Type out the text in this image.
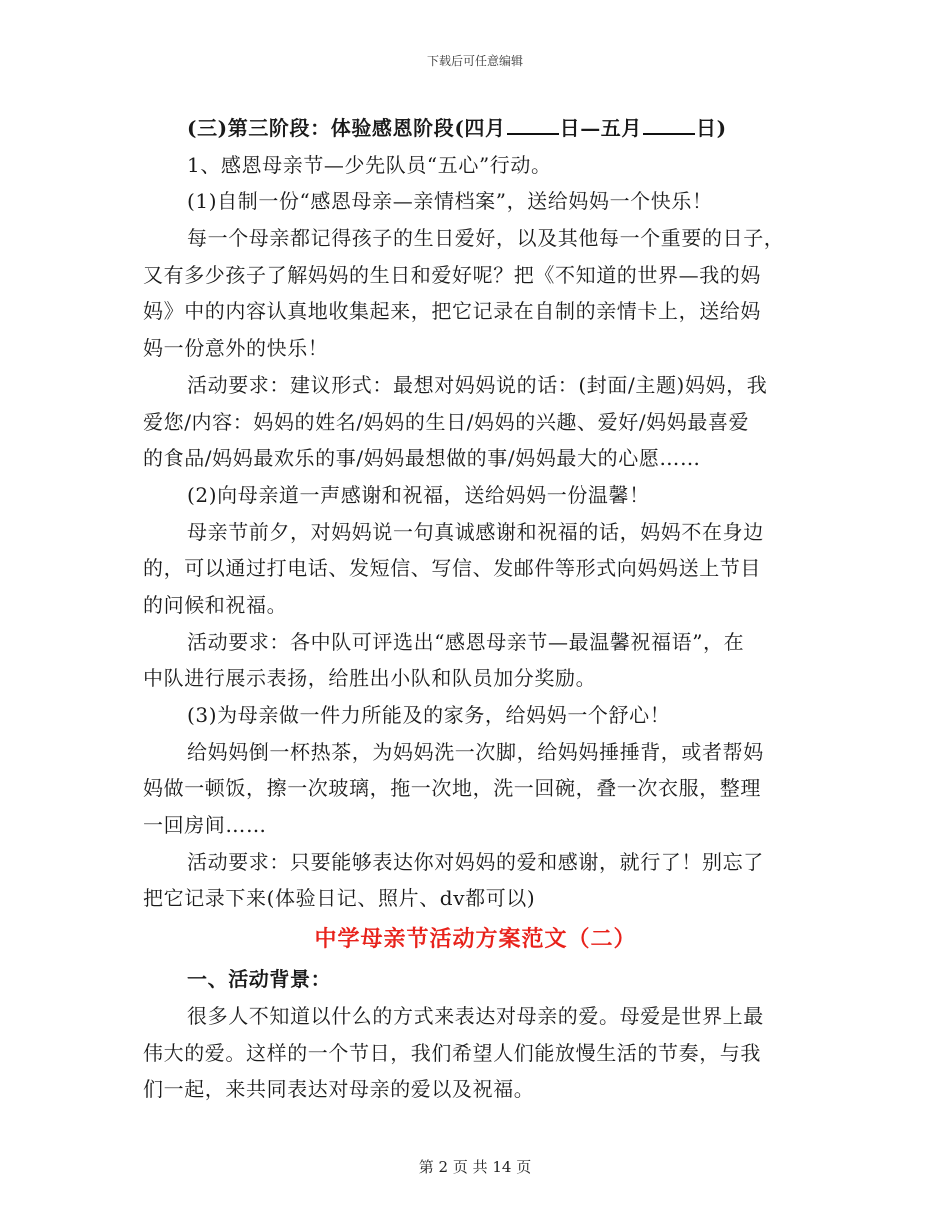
下载后可任意编辑
(三)第三阶段：体验感恩阶段(四月	日—五月	日)
1、感恩母亲节—少先队员“五心”行动。
(1)自制一份“感恩母亲—亲情档案”，送给妈妈一个快乐！
每一个母亲都记得孩子的生日爱好，以及其他每一个重要的日子，
又有多少孩子了解妈妈的生日和爱好呢？把《不知道的世界—我的妈
妈》中的内容认真地收集起来，把它记录在自制的亲情卡上，送给妈
妈一份意外的快乐！
活动要求：建议形式：最想对妈妈说的话：(封面/主题)妈妈，我
爱您/内容：妈妈的姓名/妈妈的生日/妈妈的兴趣、爱好/妈妈最喜爱
的食品/妈妈最欢乐的事/妈妈最想做的事/妈妈最大的心愿……
(2)向母亲道一声感谢和祝福，送给妈妈一份温馨！
母亲节前夕，对妈妈说一句真诚感谢和祝福的话，妈妈不在身边
的，可以通过打电话、发短信、写信、发邮件等形式向妈妈送上节目
的问候和祝福。
活动要求：各中队可评选出“感恩母亲节—最温馨祝福语”，在
中队进行展示表扬，给胜出小队和队员加分奖励。
(3)为母亲做一件力所能及的家务，给妈妈一个舒心！
给妈妈倒一杯热茶，为妈妈洗一次脚，给妈妈捶捶背，或者帮妈
妈做一顿饭，擦一次玻璃，拖一次地，洗一回碗，叠一次衣服，整理
一回房间……
活动要求：只要能够表达你对妈妈的爱和感谢，就行了！别忘了
把它记录下来(体验日记、照片、dv都可以)
中学母亲节活动方案范文（二）
一、活动背景：
很多人不知道以什么的方式来表达对母亲的爱。母爱是世界上最
伟大的爱。这样的一个节日，我们希望人们能放慢生活的节奏，与我
们一起，来共同表达对母亲的爱以及祝福。
第 2 页 共 14 页
